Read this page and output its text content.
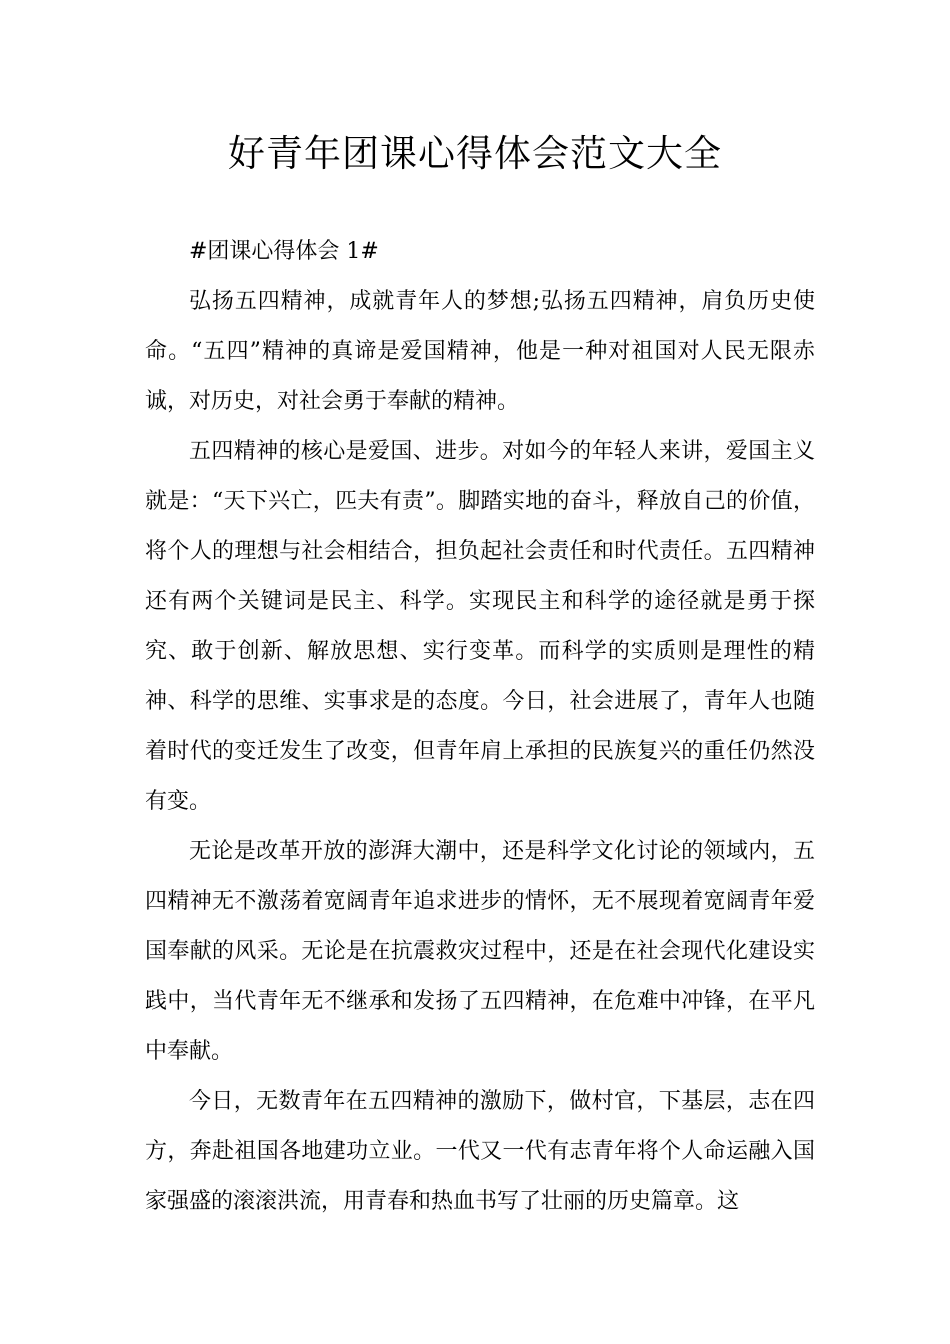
好青年团课心得体会范文大全

#团课心得体会 1#

弘扬五四精神，成就青年人的梦想;弘扬五四精神，肩负历史使命。“五四”精神的真谛是爱国精神，他是一种对祖国对人民无限赤诚，对历史，对社会勇于奉献的精神。

五四精神的核心是爱国、进步。对如今的年轻人来讲，爱国主义就是：“天下兴亡，匹夫有责”。脚踏实地的奋斗，释放自己的价值，将个人的理想与社会相结合，担负起社会责任和时代责任。五四精神还有两个关键词是民主、科学。实现民主和科学的途径就是勇于探究、敢于创新、解放思想、实行变革。而科学的实质则是理性的精神、科学的思维、实事求是的态度。今日，社会进展了，青年人也随着时代的变迁发生了改变，但青年肩上承担的民族复兴的重任仍然没有变。

无论是改革开放的澎湃大潮中，还是科学文化讨论的领域内，五四精神无不激荡着宽阔青年追求进步的情怀，无不展现着宽阔青年爱国奉献的风采。无论是在抗震救灾过程中，还是在社会现代化建设实践中，当代青年无不继承和发扬了五四精神，在危难中冲锋，在平凡中奉献。

今日，无数青年在五四精神的激励下，做村官，下基层，志在四方，奔赴祖国各地建功立业。一代又一代有志青年将个人命运融入国家强盛的滚滚洪流，用青春和热血书写了壮丽的历史篇章。这
